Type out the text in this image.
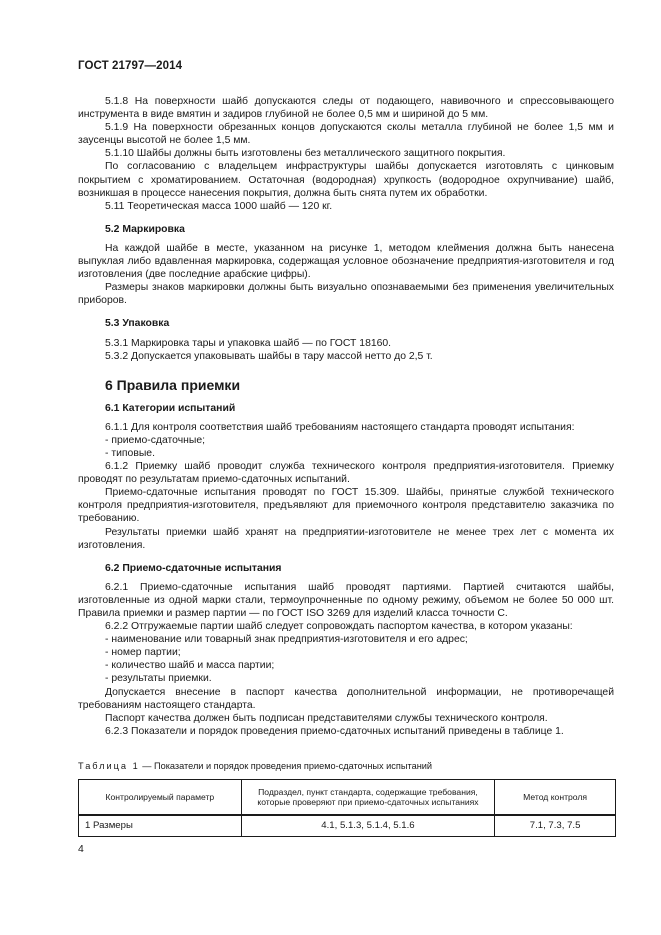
ГОСТ 21797—2014

5.1.8 На поверхности шайб допускаются следы от подающего, навивочного и спрессовывающего инструмента в виде вмятин и задиров глубиной не более 0,5 мм и шириной до 5 мм.

5.1.9 На поверхности обрезанных концов допускаются сколы металла глубиной не более 1,5 мм и заусенцы высотой не более 1,5 мм.

5.1.10 Шайбы должны быть изготовлены без металлического защитного покрытия.

По согласованию с владельцем инфраструктуры шайбы допускается изготовлять с цинковым покрытием с хроматированием. Остаточная (водородная) хрупкость (водородное охрупчивание) шайб, возникшая в процессе нанесения покрытия, должна быть снята путем их обработки.

5.11 Теоретическая масса 1000 шайб — 120 кг.

5.2 Маркировка

На каждой шайбе в месте, указанном на рисунке 1, методом клеймения должна быть нанесена выпуклая либо вдавленная маркировка, содержащая условное обозначение предприятия-изготовителя и год изготовления (две последние арабские цифры).

Размеры знаков маркировки должны быть визуально опознаваемыми без применения увеличительных приборов.

5.3 Упаковка

5.3.1 Маркировка тары и упаковка шайб — по ГОСТ 18160.

5.3.2 Допускается упаковывать шайбы в тару массой нетто до 2,5 т.

6 Правила приемки

6.1 Категории испытаний

6.1.1 Для контроля соответствия шайб требованиям настоящего стандарта проводят испытания:

- приемо-сдаточные;

- типовые.

6.1.2 Приемку шайб проводит служба технического контроля предприятия-изготовителя. Приемку проводят по результатам приемо-сдаточных испытаний.

Приемо-сдаточные испытания проводят по ГОСТ 15.309. Шайбы, принятые службой технического контроля предприятия-изготовителя, предъявляют для приемочного контроля представителю заказчика по требованию.

Результаты приемки шайб хранят на предприятии-изготовителе не менее трех лет с момента их изготовления.

6.2 Приемо-сдаточные испытания

6.2.1 Приемо-сдаточные испытания шайб проводят партиями. Партией считаются шайбы, изготовленные из одной марки стали, термоупрочненные по одному режиму, объемом не более 50 000 шт. Правила приемки и размер партии — по ГОСТ ISO 3269 для изделий класса точности С.

6.2.2 Отгружаемые партии шайб следует сопровождать паспортом качества, в котором указаны:

- наименование или товарный знак предприятия-изготовителя и его адрес;

- номер партии;

- количество шайб и масса партии;

- результаты приемки.

Допускается внесение в паспорт качества дополнительной информации, не противоречащей требованиям настоящего стандарта.

Паспорт качества должен быть подписан представителями службы технического контроля.

6.2.3 Показатели и порядок проведения приемо-сдаточных испытаний приведены в таблице 1.

Таблица 1 — Показатели и порядок проведения приемо-сдаточных испытаний
Контролируемый параметр	Подраздел, пункт стандарта, содержащие требования, которые проверяют при приемо-сдаточных испытаниях	Метод контроля
1 Размеры	4.1, 5.1.3, 5.1.4, 5.1.6	7.1, 7.3, 7.5
4
